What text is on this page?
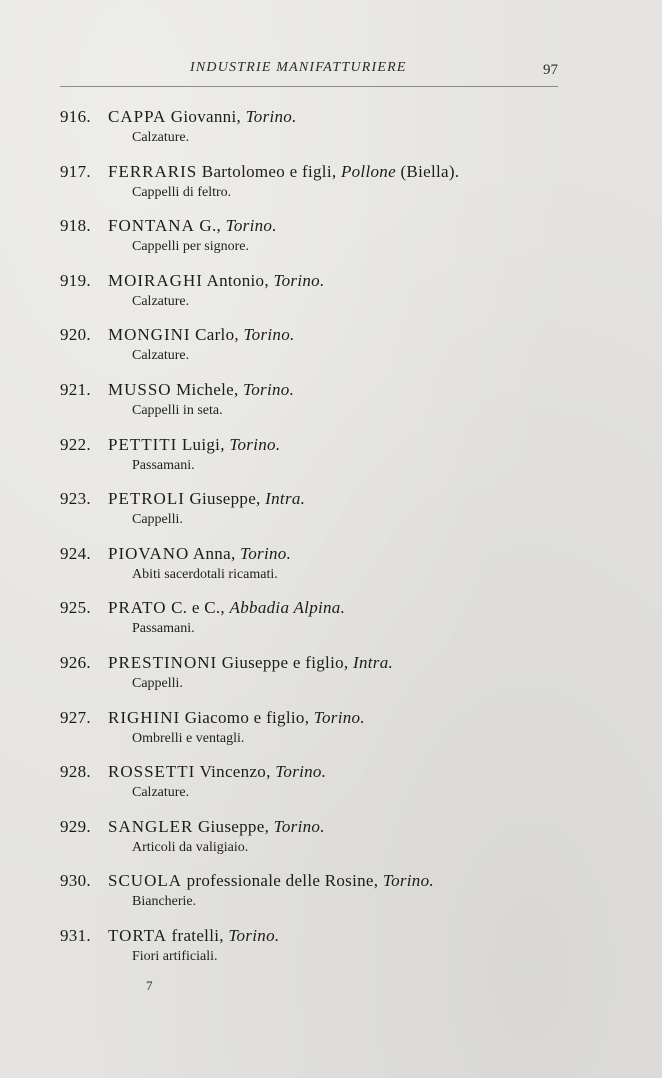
INDUSTRIE MANIFATTURIERE	97
916. CAPPA Giovanni, Torino.
Calzature.
917. FERRARIS Bartolomeo e figli, Pollone (Biella).
Cappelli di feltro.
918. FONTANA G., Torino.
Cappelli per signore.
919. MOIRAGHI Antonio, Torino.
Calzature.
920. MONGINI Carlo, Torino.
Calzature.
921. MUSSO Michele, Torino.
Cappelli in seta.
922. PETTITI Luigi, Torino.
Passamani.
923. PETROLI Giuseppe, Intra.
Cappelli.
924. PIOVANO Anna, Torino.
Abiti sacerdotali ricamati.
925. PRATO C. e C., Abbadia Alpina.
Passamani.
926. PRESTINONI Giuseppe e figlio, Intra.
Cappelli.
927. RIGHINI Giacomo e figlio, Torino.
Ombrelli e ventagli.
928. ROSSETTI Vincenzo, Torino.
Calzature.
929. SANGLER Giuseppe, Torino.
Articoli da valigiaio.
930. SCUOLA professionale delle Rosine, Torino.
Biancherie.
931. TORTA fratelli, Torino.
Fiori artificiali.
7
